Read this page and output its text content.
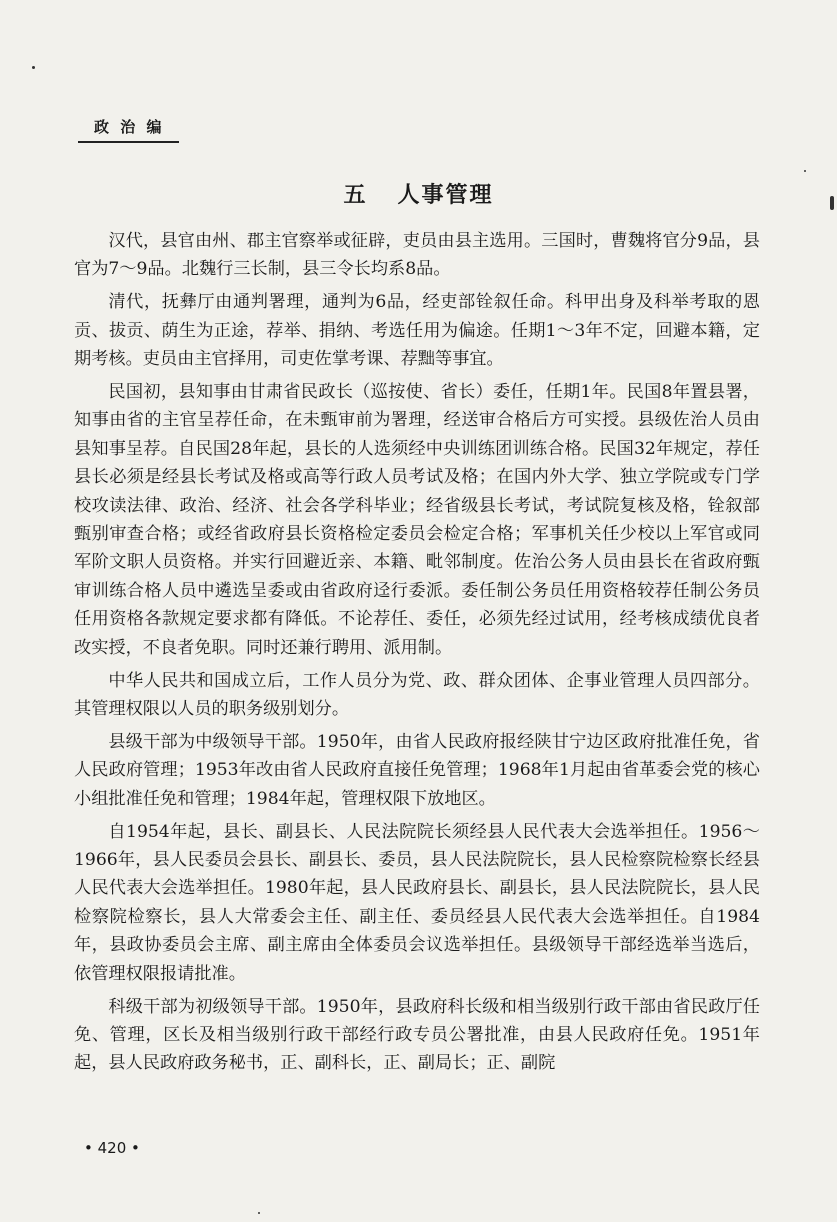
政 治 编
五 人事管理

汉代，县官由州、郡主官察举或征辟，吏员由县主选用。三国时，曹魏将官分9品，县官为7～9品。北魏行三长制，县三令长均系8品。

清代，抚彝厅由通判署理，通判为6品，经吏部铨叙任命。科甲出身及科举考取的恩贡、拔贡、荫生为正途，荐举、捐纳、考选任用为偏途。任期1～3年不定，回避本籍，定期考核。吏员由主官择用，司吏佐掌考课、荐黜等事宜。

民国初，县知事由甘肃省民政长（巡按使、省长）委任，任期1年。民国8年置县署，知事由省的主官呈荐任命，在未甄审前为署理，经送审合格后方可实授。县级佐治人员由县知事呈荐。自民国28年起，县长的人选须经中央训练团训练合格。民国32年规定，荐任县长必须是经县长考试及格或高等行政人员考试及格；在国内外大学、独立学院或专门学校攻读法律、政治、经济、社会各学科毕业；经省级县长考试，考试院复核及格，铨叙部甄别审查合格；或经省政府县长资格检定委员会检定合格；军事机关任少校以上军官或同军阶文职人员资格。并实行回避近亲、本籍、毗邻制度。佐治公务人员由县长在省政府甄审训练合格人员中遴选呈委或由省政府迳行委派。委任制公务员任用资格较荐任制公务员任用资格各款规定要求都有降低。不论荐任、委任，必须先经过试用，经考核成绩优良者改实授，不良者免职。同时还兼行聘用、派用制。

中华人民共和国成立后，工作人员分为党、政、群众团体、企事业管理人员四部分。其管理权限以人员的职务级别划分。

县级干部为中级领导干部。1950年，由省人民政府报经陕甘宁边区政府批准任免，省人民政府管理；1953年改由省人民政府直接任免管理；1968年1月起由省革委会党的核心小组批准任免和管理；1984年起，管理权限下放地区。

自1954年起，县长、副县长、人民法院院长须经县人民代表大会选举担任。1956～1966年，县人民委员会县长、副县长、委员，县人民法院院长，县人民检察院检察长经县人民代表大会选举担任。1980年起，县人民政府县长、副县长，县人民法院院长，县人民检察院检察长，县人大常委会主任、副主任、委员经县人民代表大会选举担任。自1984年，县政协委员会主席、副主席由全体委员会议选举担任。县级领导干部经选举当选后，依管理权限报请批准。

科级干部为初级领导干部。1950年，县政府科长级和相当级别行政干部由省民政厅任免、管理，区长及相当级别行政干部经行政专员公署批准，由县人民政府任免。1951年起，县人民政府政务秘书，正、副科长，正、副局长；正、副院

• 420 •
